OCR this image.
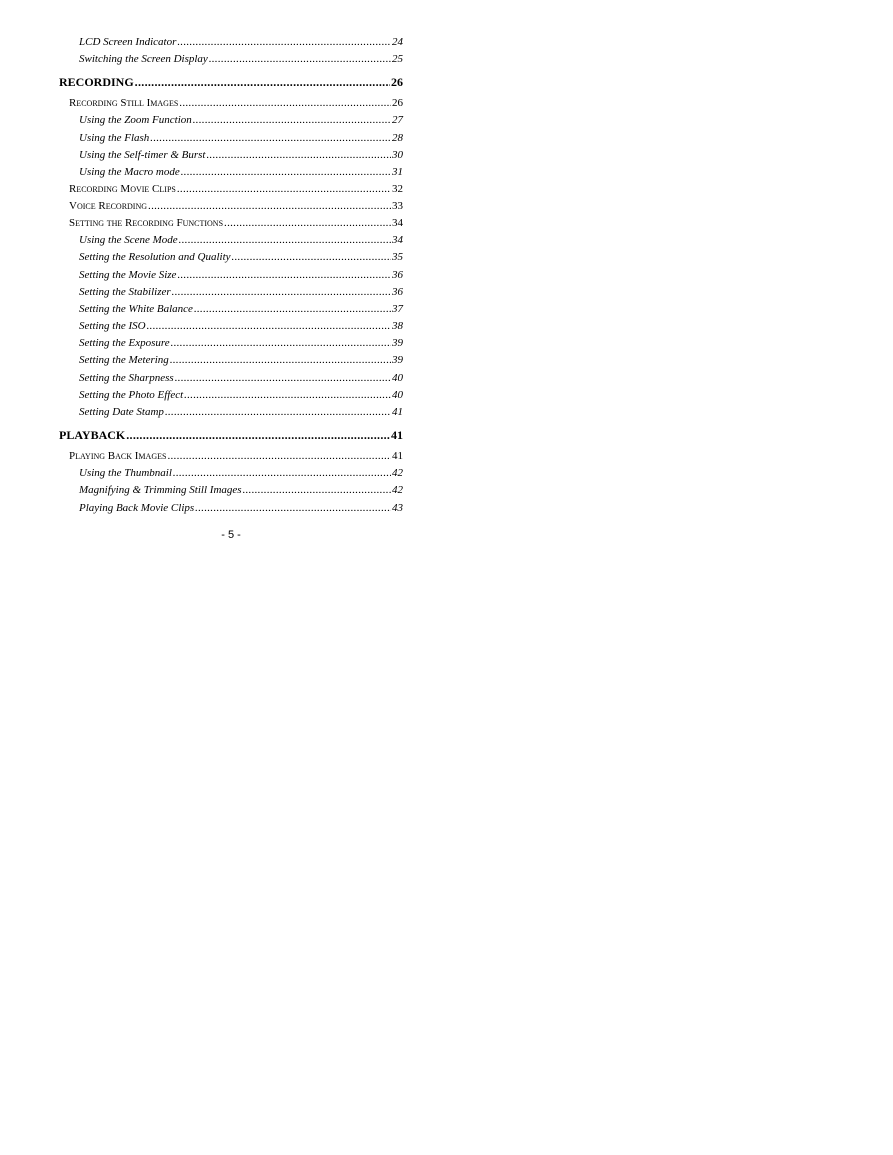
LCD Screen Indicator .....	24
Switching the Screen Display .....	25
RECORDING .....	26
Recording Still Images .....	26
Using the Zoom Function .....	27
Using the Flash .....	28
Using the Self-timer & Burst .....	30
Using the Macro mode .....	31
Recording Movie Clips .....	32
Voice Recording .....	33
Setting the Recording Functions .....	34
Using the Scene Mode .....	34
Setting the Resolution and Quality .....	35
Setting the Movie Size .....	36
Setting the Stabilizer .....	36
Setting the White Balance .....	37
Setting the ISO .....	38
Setting the Exposure .....	39
Setting the Metering .....	39
Setting the Sharpness .....	40
Setting the Photo Effect .....	40
Setting Date Stamp .....	41
PLAYBACK .....	41
Playing Back Images .....	41
Using the Thumbnail .....	42
Magnifying & Trimming Still Images .....	42
Playing Back Movie Clips .....	43
- 5 -
